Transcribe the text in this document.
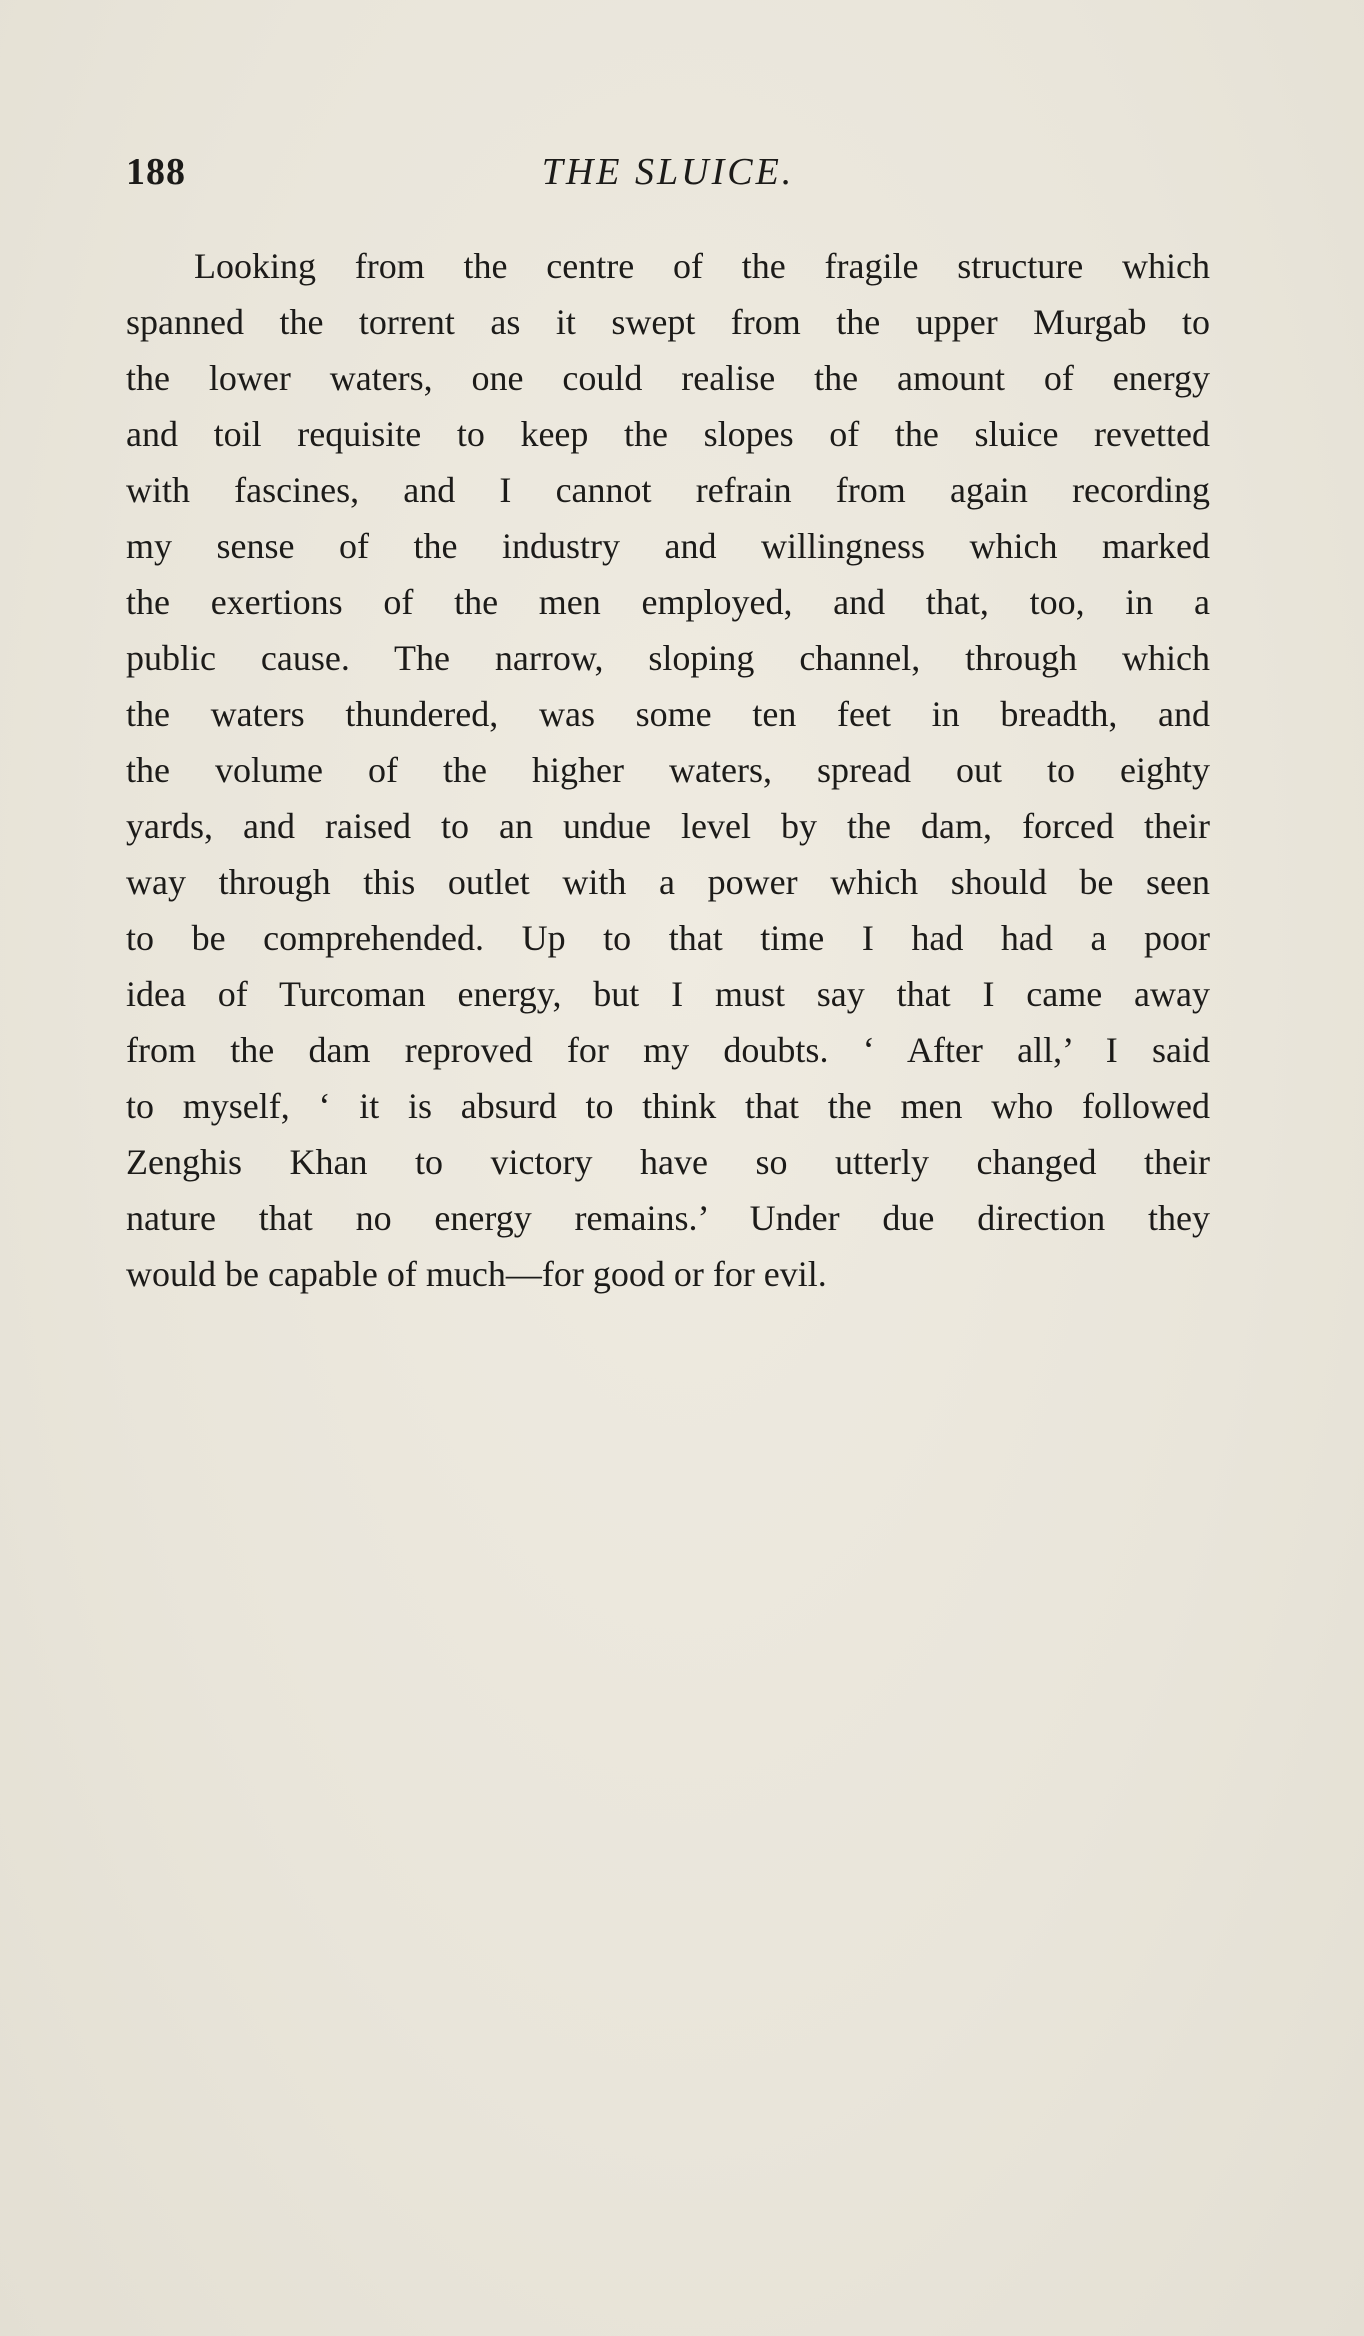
188	THE SLUICE.
Looking from the centre of the fragile structure which
spanned the torrent as it swept from the upper Murgab to
the lower waters, one could realise the amount of energy
and toil requisite to keep the slopes of the sluice revetted
with fascines, and I cannot refrain from again recording
my sense of the industry and willingness which marked
the exertions of the men employed, and that, too, in a
public cause. The narrow, sloping channel, through which
the waters thundered, was some ten feet in breadth, and
the volume of the higher waters, spread out to eighty
yards, and raised to an undue level by the dam, forced their
way through this outlet with a power which should be seen
to be comprehended. Up to that time I had had a poor
idea of Turcoman energy, but I must say that I came away
from the dam reproved for my doubts. ‘ After all,’ I said
to myself, ‘ it is absurd to think that the men who followed
Zenghis Khan to victory have so utterly changed their
nature that no energy remains.’ Under due direction they
would be capable of much—for good or for evil.
